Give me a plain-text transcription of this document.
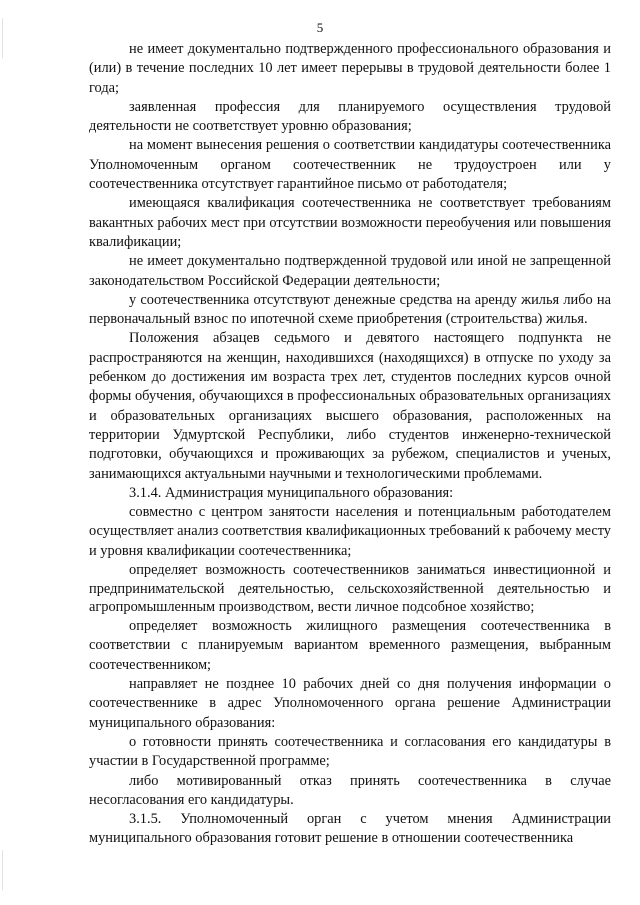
5

не имеет документально подтвержденного профессионального образования и (или) в течение последних 10 лет имеет перерывы в трудовой деятельности более 1 года;

заявленная профессия для планируемого осуществления трудовой деятельности не соответствует уровню образования;

на момент вынесения решения о соответствии кандидатуры соотечественника Уполномоченным органом соотечественник не трудоустроен или у соотечественника отсутствует гарантийное письмо от работодателя;

имеющаяся квалификация соотечественника не соответствует требованиям вакантных рабочих мест при отсутствии возможности переобучения или повышения квалификации;

не имеет документально подтвержденной трудовой или иной не запрещенной законодательством Российской Федерации деятельности;

у соотечественника отсутствуют денежные средства на аренду жилья либо на первоначальный взнос по ипотечной схеме приобретения (строительства) жилья.

Положения абзацев седьмого и девятого настоящего подпункта не распространяются на женщин, находившихся (находящихся) в отпуске по уходу за ребенком до достижения им возраста трех лет, студентов последних курсов очной формы обучения, обучающихся в профессиональных образовательных организациях и образовательных организациях высшего образования, расположенных на территории Удмуртской Республики, либо студентов инженерно-технической подготовки, обучающихся и проживающих за рубежом, специалистов и ученых, занимающихся актуальными научными и технологическими проблемами.

3.1.4. Администрация муниципального образования:

совместно с центром занятости населения и потенциальным работодателем осуществляет анализ соответствия квалификационных требований к рабочему месту и уровня квалификации соотечественника;

определяет возможность соотечественников заниматься инвестиционной и предпринимательской деятельностью, сельскохозяйственной деятельностью и агропромышленным производством, вести личное подсобное хозяйство;

определяет возможность жилищного размещения соотечественника в соответствии с планируемым вариантом временного размещения, выбранным соотечественником;

направляет не позднее 10 рабочих дней со дня получения информации о соотечественнике в адрес Уполномоченного органа решение Администрации муниципального образования:

о готовности принять соотечественника и согласования его кандидатуры в участии в Государственной программе;

либо мотивированный отказ принять соотечественника в случае несогласования его кандидатуры.

3.1.5. Уполномоченный орган с учетом мнения Администрации муниципального образования готовит решение в отношении соотечественника
